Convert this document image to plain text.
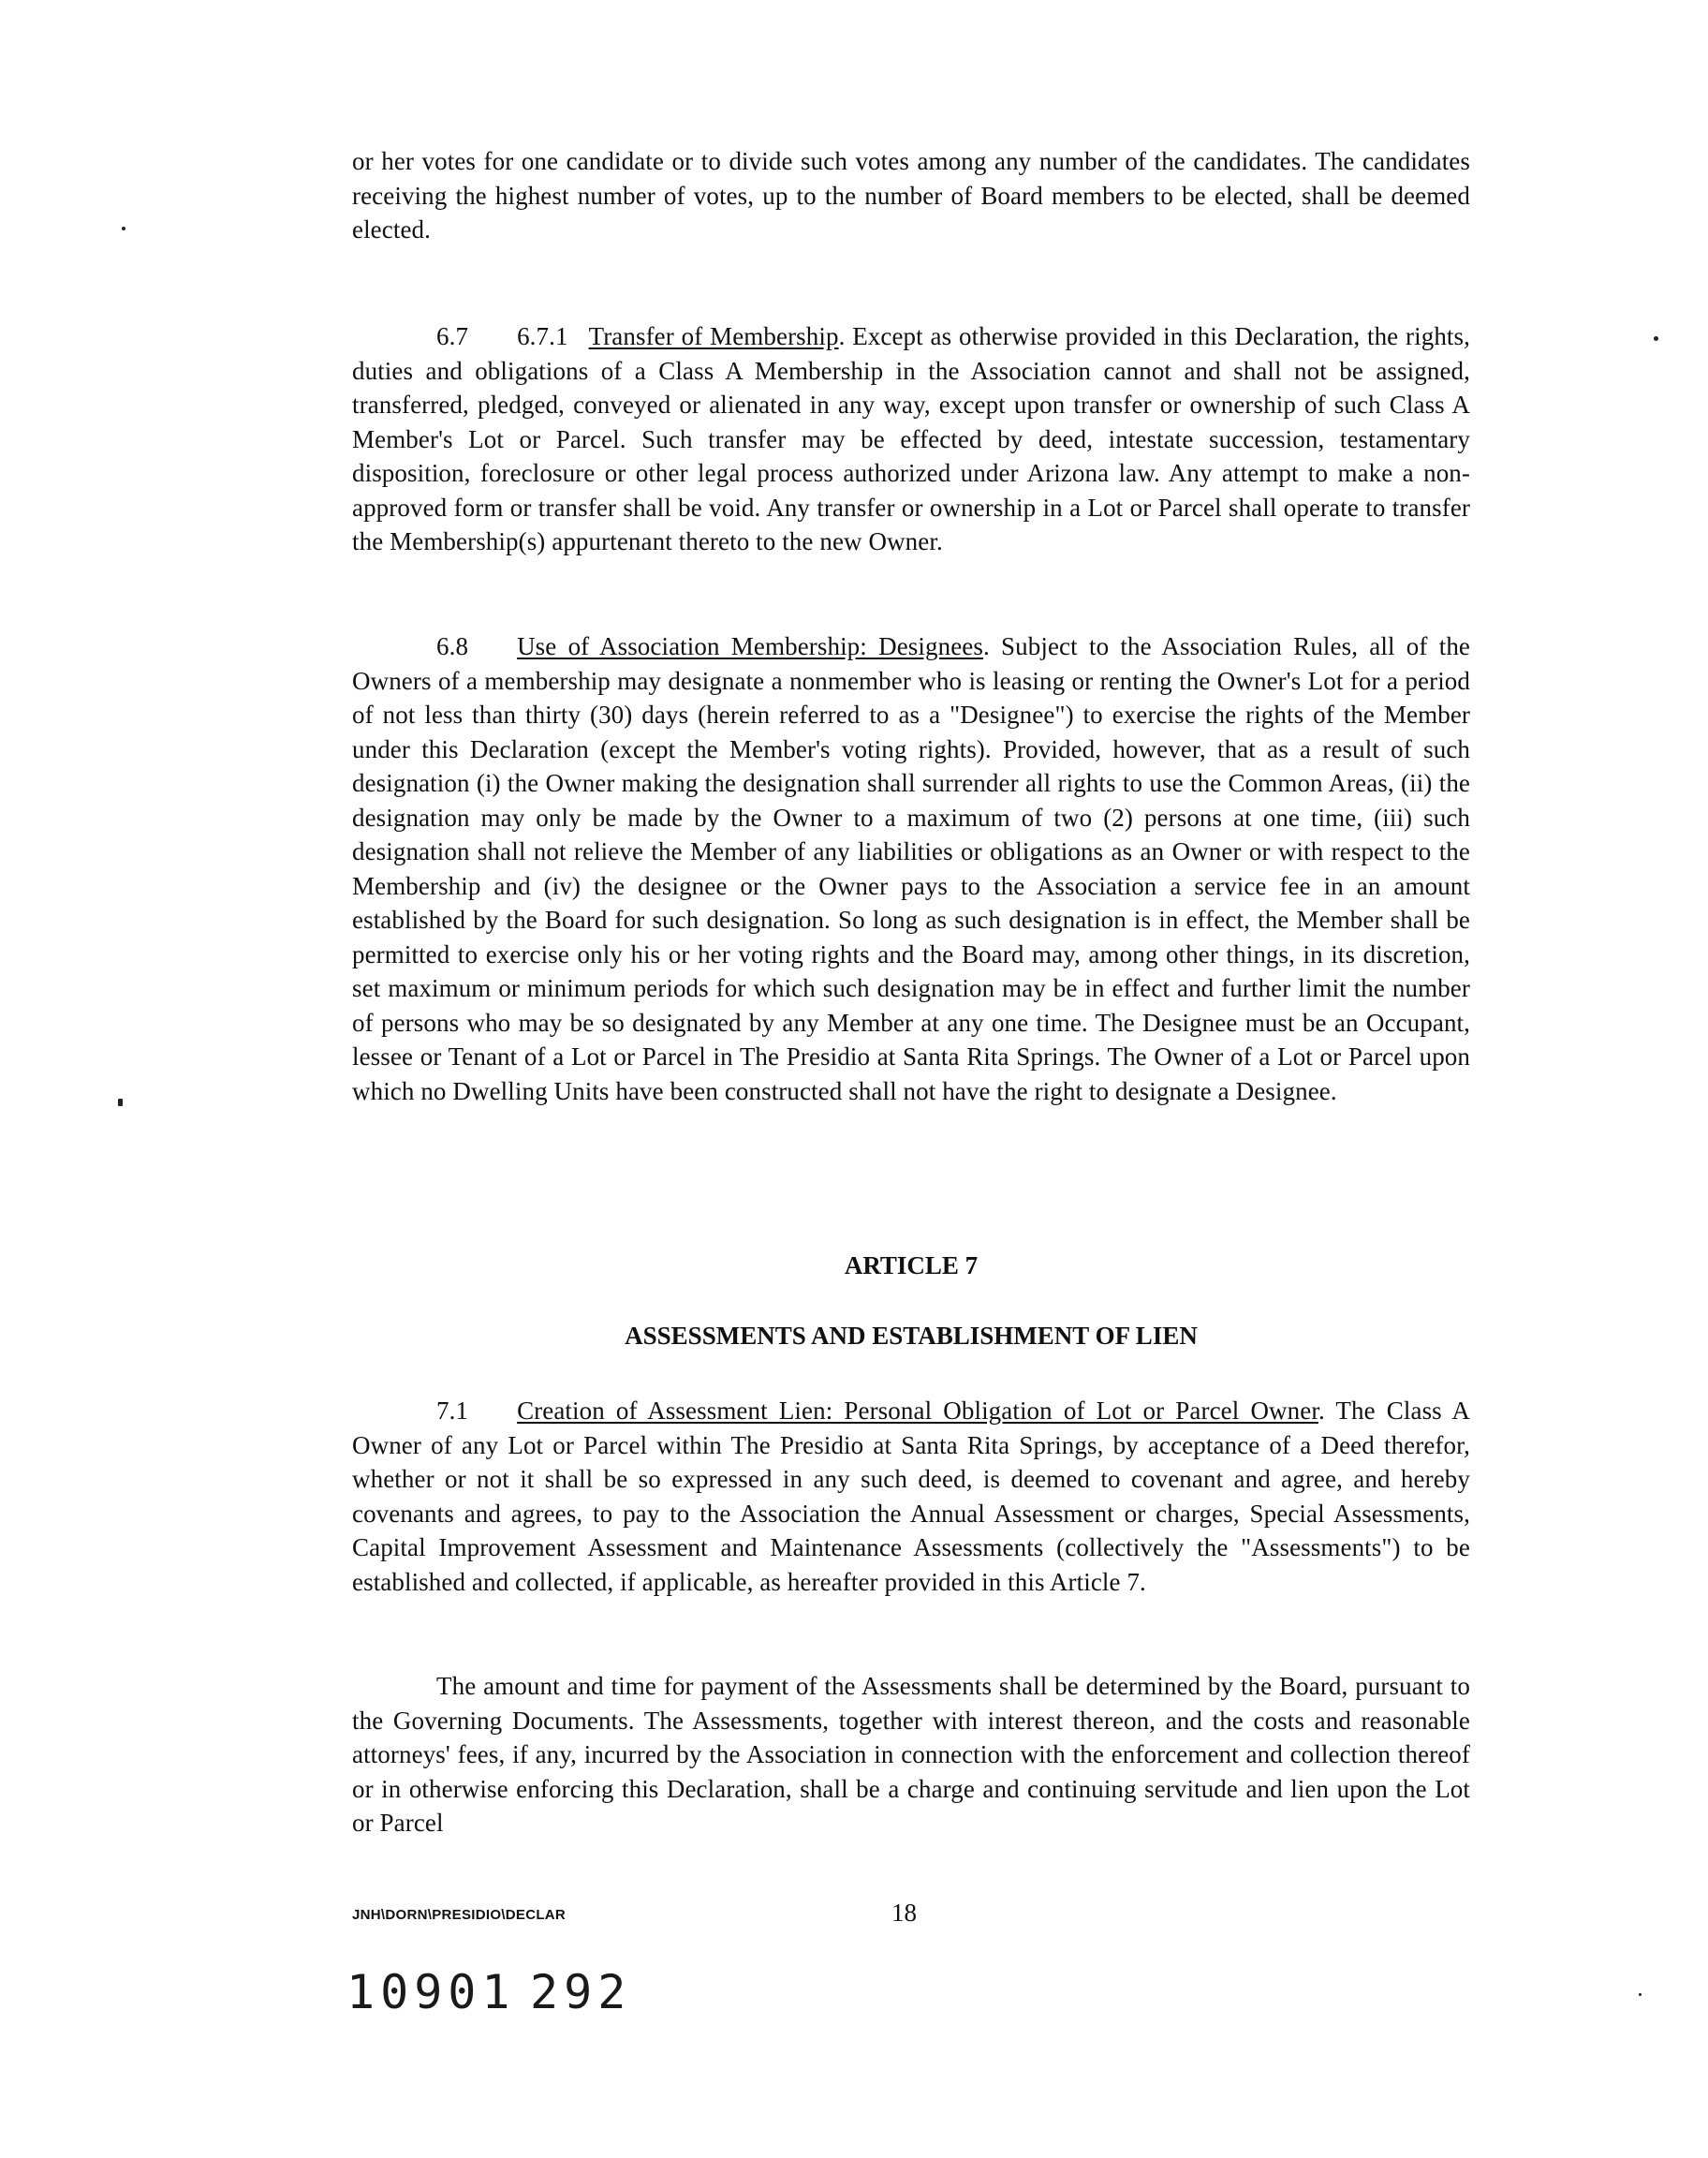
or her votes for one candidate or to divide such votes among any number of the candidates. The candidates receiving the highest number of votes, up to the number of Board members to be elected, shall be deemed elected.

6.7 6.7.1 Transfer of Membership. Except as otherwise provided in this Declaration, the rights, duties and obligations of a Class A Membership in the Association cannot and shall not be assigned, transferred, pledged, conveyed or alienated in any way, except upon transfer or ownership of such Class A Member's Lot or Parcel. Such transfer may be effected by deed, intestate succession, testamentary disposition, foreclosure or other legal process authorized under Arizona law. Any attempt to make a non-approved form or transfer shall be void. Any transfer or ownership in a Lot or Parcel shall operate to transfer the Membership(s) appurtenant thereto to the new Owner.

6.8 Use of Association Membership: Designees. Subject to the Association Rules, all of the Owners of a membership may designate a nonmember who is leasing or renting the Owner's Lot for a period of not less than thirty (30) days (herein referred to as a "Designee") to exercise the rights of the Member under this Declaration (except the Member's voting rights). Provided, however, that as a result of such designation (i) the Owner making the designation shall surrender all rights to use the Common Areas, (ii) the designation may only be made by the Owner to a maximum of two (2) persons at one time, (iii) such designation shall not relieve the Member of any liabilities or obligations as an Owner or with respect to the Membership and (iv) the designee or the Owner pays to the Association a service fee in an amount established by the Board for such designation. So long as such designation is in effect, the Member shall be permitted to exercise only his or her voting rights and the Board may, among other things, in its discretion, set maximum or minimum periods for which such designation may be in effect and further limit the number of persons who may be so designated by any Member at any one time. The Designee must be an Occupant, lessee or Tenant of a Lot or Parcel in The Presidio at Santa Rita Springs. The Owner of a Lot or Parcel upon which no Dwelling Units have been constructed shall not have the right to designate a Designee.

ARTICLE 7

ASSESSMENTS AND ESTABLISHMENT OF LIEN

7.1 Creation of Assessment Lien: Personal Obligation of Lot or Parcel Owner. The Class A Owner of any Lot or Parcel within The Presidio at Santa Rita Springs, by acceptance of a Deed therefor, whether or not it shall be so expressed in any such deed, is deemed to covenant and agree, and hereby covenants and agrees, to pay to the Association the Annual Assessment or charges, Special Assessments, Capital Improvement Assessment and Maintenance Assessments (collectively the "Assessments") to be established and collected, if applicable, as hereafter provided in this Article 7.

The amount and time for payment of the Assessments shall be determined by the Board, pursuant to the Governing Documents. The Assessments, together with interest thereon, and the costs and reasonable attorneys' fees, if any, incurred by the Association in connection with the enforcement and collection thereof or in otherwise enforcing this Declaration, shall be a charge and continuing servitude and lien upon the Lot or Parcel

JNH\DORN\PRESIDIO\DECLAR	18
10901 292
